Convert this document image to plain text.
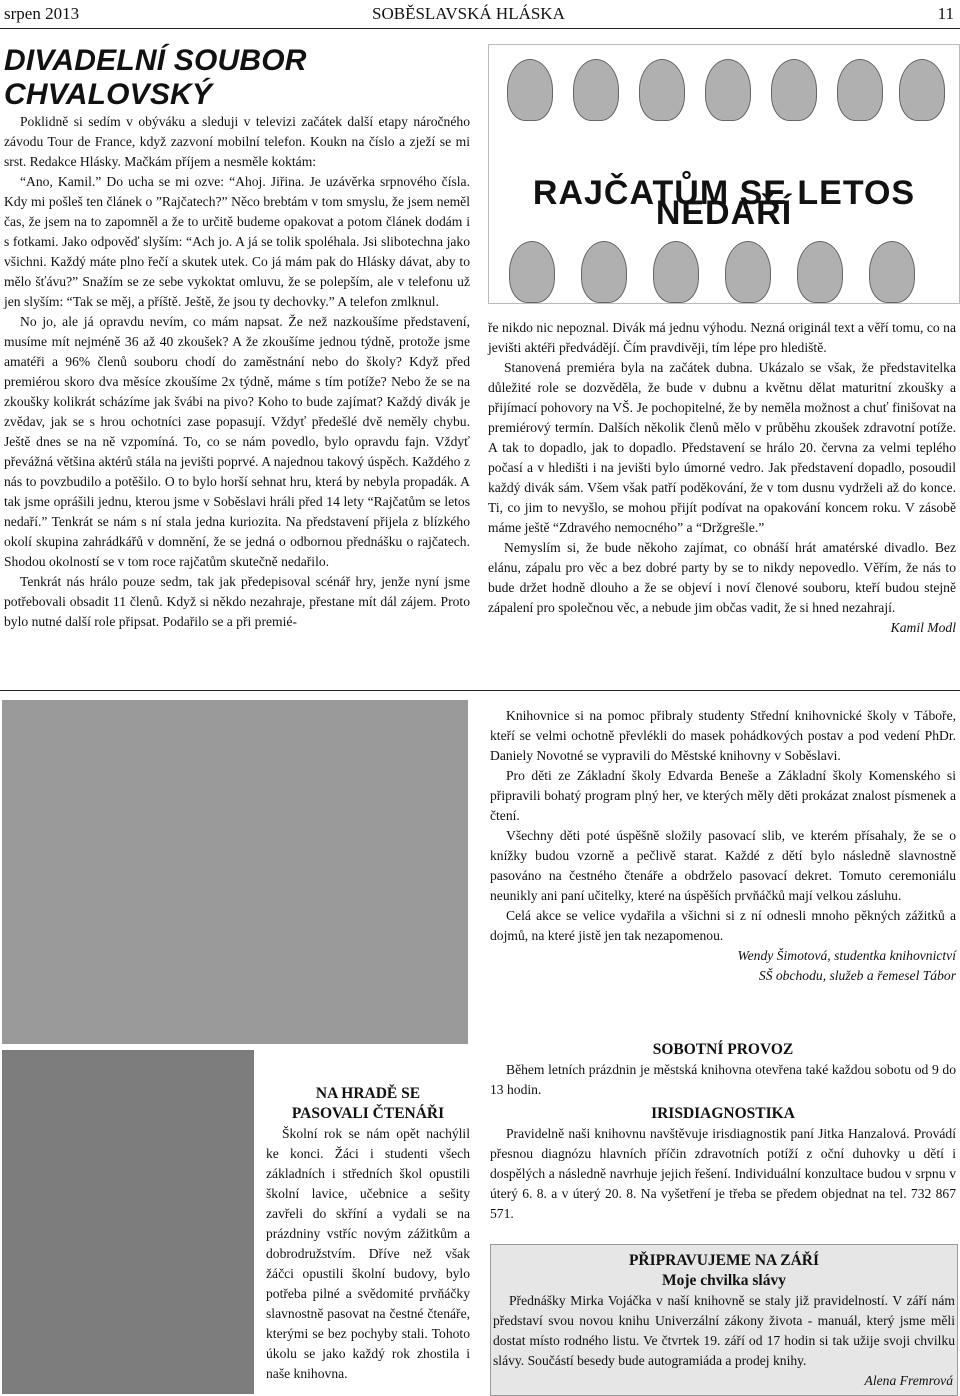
srpen 2013	SOBĚSLAVSKÁ HLÁSKA	11
DIVADELNÍ SOUBOR CHVALOVSKÝ

Poklidně si sedím v obýváku a sleduji v televizi začátek další etapy náročného závodu Tour de France, když zazvoní mobilní telefon. Koukn na číslo a zježí se mi srst. Redakce Hlásky. Mačkám příjem a nesměle koktám:

“Ano, Kamil.” Do ucha se mi ozve: “Ahoj. Jiřina. Je uzávěrka srpnového čísla. Kdy mi pošleš ten článek o ”Rajčatech?” Něco brebtám v tom smyslu, že jsem neměl čas, že jsem na to zapomněl a že to určitě budeme opakovat a potom článek dodám i s fotkami. Jako odpověď slyším: “Ach jo. A já se tolik spoléhala. Jsi slibotechna jako všichni. Každý máte plno řečí a skutek utek. Co já mám pak do Hlásky dávat, aby to mělo šťávu?” Snažím se ze sebe vykoktat omluvu, že se polepším, ale v telefonu už jen slyším: “Tak se měj, a příště. Ještě, že jsou ty dechovky.” A telefon zmlknul.

No jo, ale já opravdu nevím, co mám napsat. Že než nazkoušíme představení, musíme mít nejméně 36 až 40 zkoušek? A že zkoušíme jednou týdně, protože jsme amatéři a 96% členů souboru chodí do zaměstnání nebo do školy? Když před premiérou skoro dva měsíce zkoušíme 2x týdně, máme s tím potíže? Nebo že se na zkoušky kolikrát scházíme jak švábi na pivo? Koho to bude zajímat? Každý divák je zvědav, jak se s hrou ochotníci zase popasují. Vždyť předešlé dvě neměly chybu. Ještě dnes se na ně vzpomíná. To, co se nám povedlo, bylo opravdu fajn. Vždyť převážná většina aktérů stála na jevišti poprvé. A najednou takový úspěch. Každého z nás to povzbudilo a potěšilo. O to bylo horší sehnat hru, která by nebyla propadák. A tak jsme oprášili jednu, kterou jsme v Soběslavi hráli před 14 lety “Rajčatům se letos nedaří.” Tenkrát se nám s ní stala jedna kuriozita. Na představení přijela z blízkého okolí skupina zahrádkářů v domnění, že se jedná o odbornou přednášku o rajčatech. Shodou okolností se v tom roce rajčatům skutečně nedařilo.

Tenkrát nás hrálo pouze sedm, tak jak předepisoval scénář hry, jenže nyní jsme potřebovali obsadit 11 členů. Když si někdo nezahraje, přestane mít dál zájem. Proto bylo nutné další role připsat. Podařilo se a při premié-

RAJČATŮM SE LETOS NEDAŘÍ

ře nikdo nic nepoznal. Divák má jednu výhodu. Nezná originál text a věří tomu, co na jevišti aktéři předvádějí. Čím pravdivěji, tím lépe pro hlediště.

Stanovená premiéra byla na začátek dubna. Ukázalo se však, že představitelka důležité role se dozvěděla, že bude v dubnu a květnu dělat maturitní zkoušky a přijímací pohovory na VŠ. Je pochopitelné, že by neměla možnost a chuť finišovat na premiérový termín. Dalších několik členů mělo v průběhu zkoušek zdravotní potíže. A tak to dopadlo, jak to dopadlo. Představení se hrálo 20. června za velmi teplého počasí a v hledišti i na jevišti bylo úmorné vedro. Jak představení dopadlo, posoudil každý divák sám. Všem však patří poděkování, že v tom dusnu vydrželi až do konce. Ti, co jim to nevyšlo, se mohou přijít podívat na opakování koncem roku. V zásobě máme ještě “Zdravého nemocného” a “Držgrešle.”

Nemyslím si, že bude někoho zajímat, co obnáší hrát amatérské divadlo. Bez elánu, zápalu pro věc a bez dobré party by se to nikdy nepovedlo. Věřím, že nás to bude držet hodně dlouho a že se objeví i noví členové souboru, kteří budou stejně zápalení pro společnou věc, a nebude jim občas vadit, že si hned nezahrají.

Kamil Modl
NA HRADĚ SE
PASOVALI ČTENÁŘI

Školní rok se nám opět nachýlil ke konci. Žáci i studenti všech základních i středních škol opustili školní lavice, učebnice a sešity zavřeli do skříní a vydali se na prázdniny vstříc novým zážitkům a dobrodružstvím. Dříve než však žáčci opustili školní budovy, bylo potřeba pilné a svědomité prvňáčky slavnostně pasovat na čestné čtenáře, kterými se bez pochyby stali. Tohoto úkolu se jako každý rok zhostila i naše knihovna.

Knihovnice si na pomoc přibraly studenty Střední knihovnické školy v Táboře, kteří se velmi ochotně převlékli do masek pohádkových postav a pod vedení PhDr. Daniely Novotné se vypravili do Městské knihovny v Soběslavi.

Pro děti ze Základní školy Edvarda Beneše a Základní školy Komenského si připravili bohatý program plný her, ve kterých měly děti prokázat znalost písmenek a čtení.

Všechny děti poté úspěšně složily pasovací slib, ve kterém přísahaly, že se o knížky budou vzorně a pečlivě starat. Každé z dětí bylo následně slavnostně pasováno na čestného čtenáře a obdrželo pasovací dekret. Tomuto ceremoniálu neunikly ani paní učitelky, které na úspěších prvňáčků mají velkou zásluhu.

Celá akce se velice vydařila a všichni si z ní odnesli mnoho pěkných zážitků a dojmů, na které jistě jen tak nezapomenou.

Wendy Šimotová, studentka knihovnictví
SŠ obchodu, služeb a řemesel Tábor
SOBOTNÍ PROVOZ

Během letních prázdnin je městská knihovna otevřena také každou sobotu od 9 do 13 hodin.

IRISDIAGNOSTIKA

Pravidelně naši knihovnu navštěvuje irisdiagnostik paní Jitka Hanzalová. Provádí přesnou diagnózu hlavních příčin zdravotních potíží z oční duhovky u dětí i dospělých a následně navrhuje jejich řešení. Individuální konzultace budou v srpnu v úterý 6. 8. a v úterý 20. 8. Na vyšetření je třeba se předem objednat na tel. 732 867 571.

PŘIPRAVUJEME NA ZÁŘÍ
Moje chvilka slávy

Přednášky Mirka Vojáčka v naší knihovně se staly již pravidelností. V září nám představí svou novou knihu Univerzální zákony života - manuál, který jsme měli dostat místo rodného listu. Ve čtvrtek 19. září od 17 hodin si tak užije svoji chvilku slávy. Součástí besedy bude autogramiáda a prodej knihy.

Alena Fremrová
